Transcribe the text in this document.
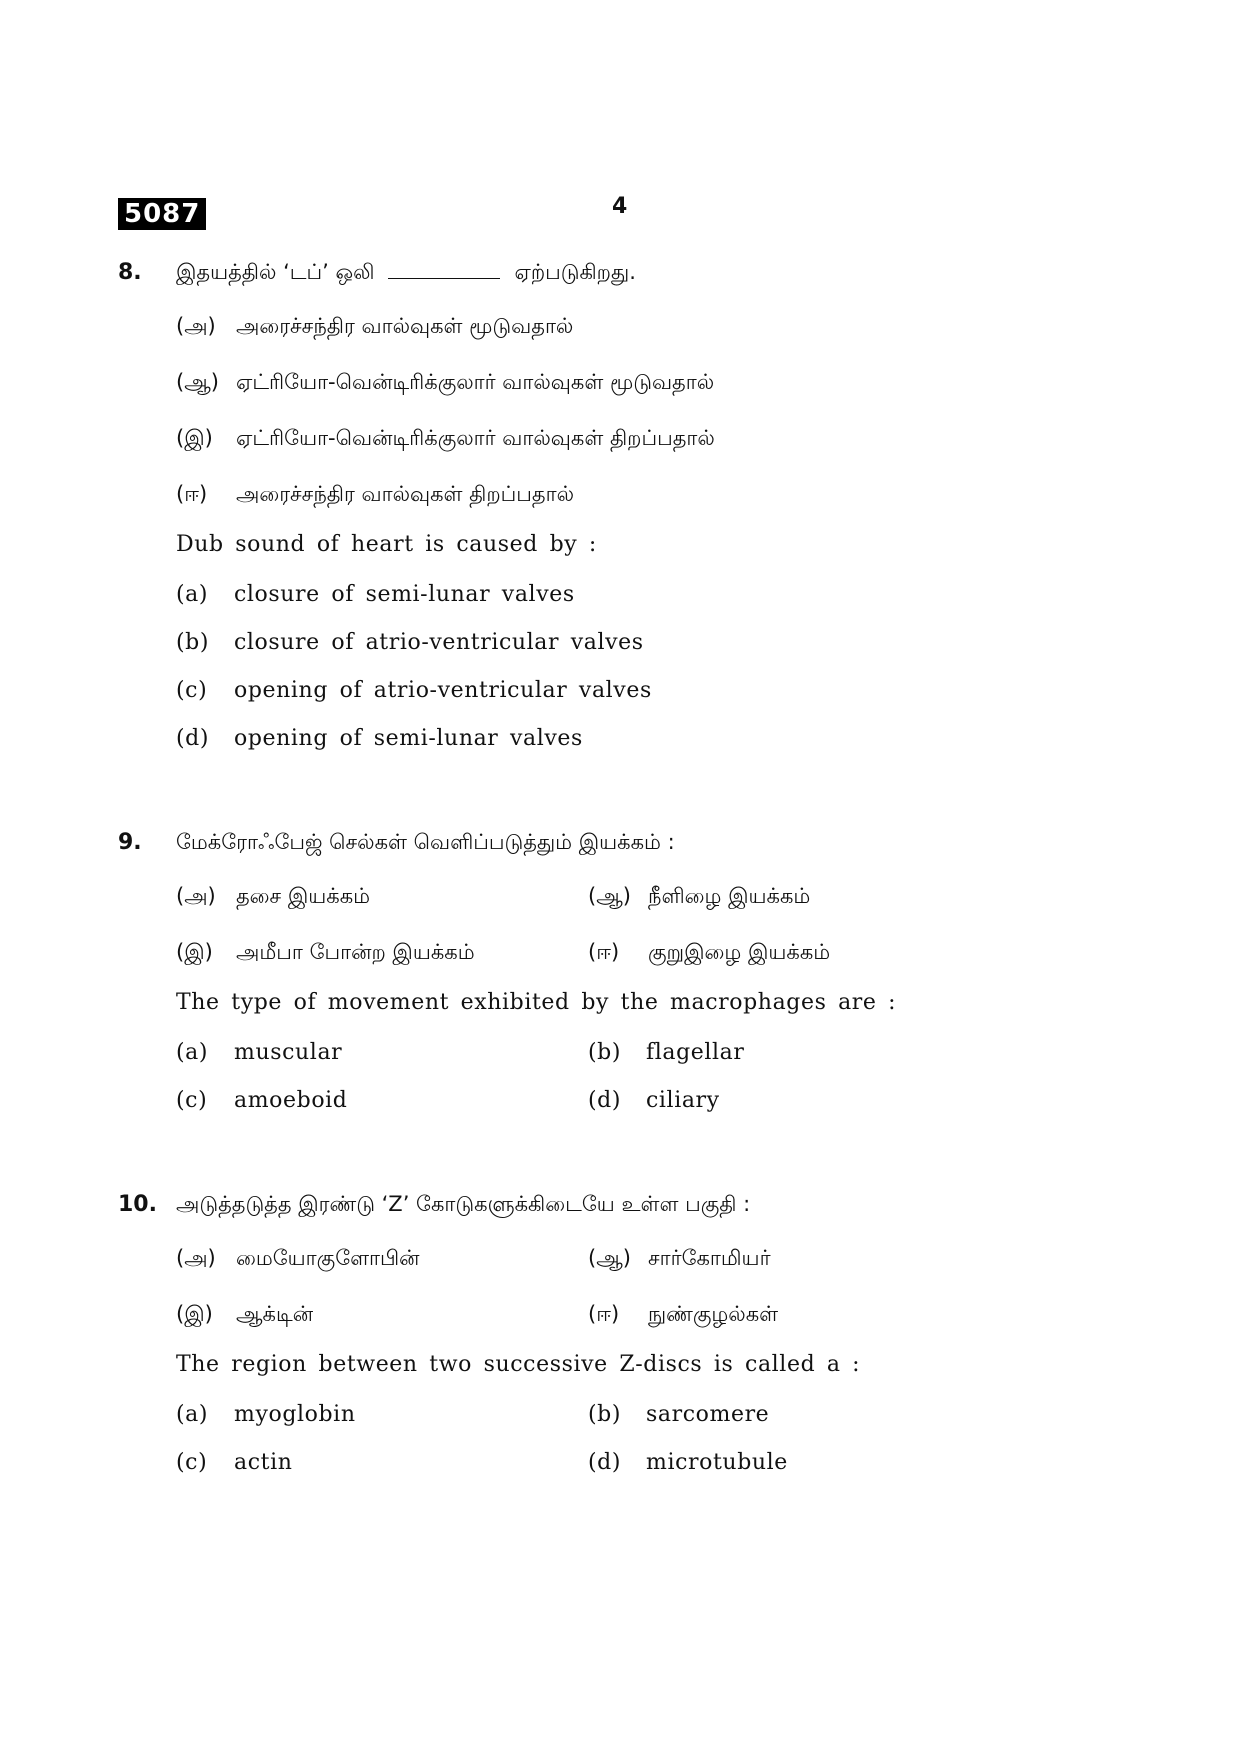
5087	4
8. இதயத்தில் ‘டப்’ ஒலி	ஏற்படுகிறது.
(அ) அரைச்சந்திர வால்வுகள் மூடுவதால்
(ஆ) ஏட்ரியோ-வென்டிரிக்குலார் வால்வுகள் மூடுவதால்
(இ) ஏட்ரியோ-வென்டிரிக்குலார் வால்வுகள் திறப்பதால்
(ஈ) அரைச்சந்திர வால்வுகள் திறப்பதால்
Dub sound of heart is caused by :
(a) closure of semi-lunar valves
(b) closure of atrio-ventricular valves
(c) opening of atrio-ventricular valves
(d) opening of semi-lunar valves
9. மேக்ரோஃபேஜ் செல்கள் வெளிப்படுத்தும் இயக்கம் :
(அ) தசை இயக்கம்	(ஆ) நீளிழை இயக்கம்
(இ) அமீபா போன்ற இயக்கம்	(ஈ) குறுஇழை இயக்கம்
The type of movement exhibited by the macrophages are :
(a) muscular	(b) flagellar
(c) amoeboid	(d) ciliary
10. அடுத்தடுத்த இரண்டு ‘Z’ கோடுகளுக்கிடையே உள்ள பகுதி :
(அ) மையோகுளோபின்	(ஆ) சார்கோமியர்
(இ) ஆக்டின்	(ஈ) நுண்குழல்கள்
The region between two successive Z-discs is called a :
(a) myoglobin	(b) sarcomere
(c) actin	(d) microtubule
